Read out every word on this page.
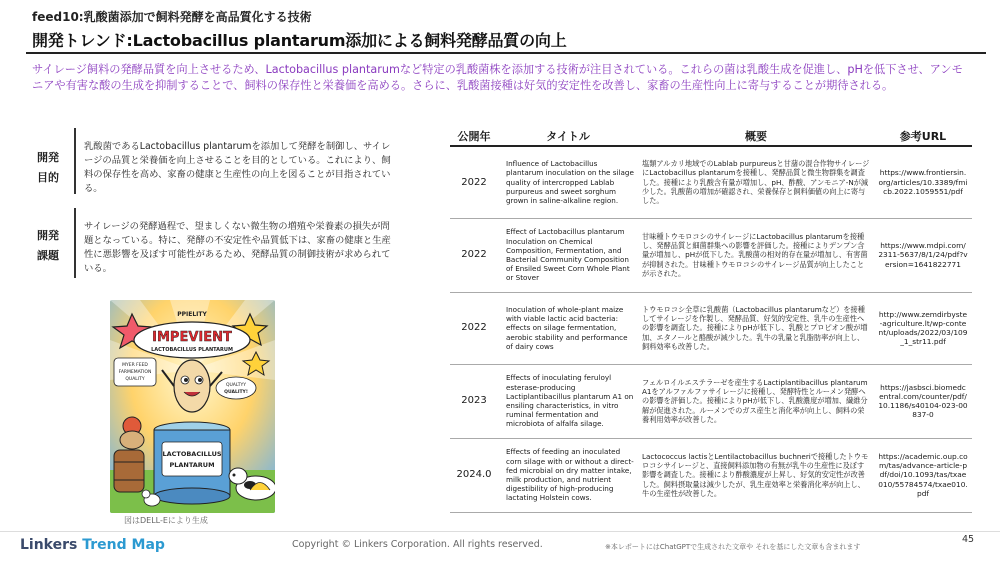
feed10:乳酸菌添加で飼料発酵を高品質化する技術
開発トレンド:Lactobacillus plantarum添加による飼料発酵品質の向上
サイレージ飼料の発酵品質を向上させるため、Lactobacillus plantarumなど特定の乳酸菌株を添加する技術が注目されている。これらの菌は乳酸生成を促進し、pHを低下させ、アンモニアや有害な酸の生成を抑制することで、飼料の保存性と栄養価を高める。さらに、乳酸菌接種は好気的安定性を改善し、家畜の生産性向上に寄与することが期待される。
開発
目的
乳酸菌であるLactobacillus plantarumを添加して発酵を制御し、サイレージの品質と栄養価を向上させることを目的としている。これにより、飼料の保存性を高め、家畜の健康と生産性の向上を図ることが目指されている。
開発
課題
サイレージの発酵過程で、望ましくない微生物の増殖や栄養素の損失が問題となっている。特に、発酵の不安定性や品質低下は、家畜の健康と生産性に悪影響を及ぼす可能性があるため、発酵品質の制御技術が求められている。
PPIELITY
IMPEVIENT
LACTOBACILLUS PLANTARUM
MYER FEED
FARMEMATION
QUALITY
QUALTYY
QUALITY!
LACTOBACILLUS
PLANTARUM
図はDELL-Eにより生成
公開年	タイトル	概要	参考URL
2022	Influence of Lactobacillus plantarum inoculation on the silage quality of intercropped Lablab purpureus and sweet sorghum grown in saline-alkaline region.	塩類アルカリ地域でのLablab purpureusと甘藷の混合作物サイレージにLactobacillus plantarumを接種し、発酵品質と微生物群集を調査した。接種により乳酸含有量が増加し、pH、酢酸、アンモニア-Nが減少した。乳酸菌の増加が確認され、栄養保存と飼料価値の向上に寄与した。	https://www.frontiersin.org/articles/10.3389/fmicb.2022.1059551/pdf
2022	Effect of Lactobacillus plantarum Inoculation on Chemical Composition, Fermentation, and Bacterial Community Composition of Ensiled Sweet Corn Whole Plant or Stover	甘味種トウモロコシのサイレージにLactobacillus plantarumを接種し、発酵品質と細菌群集への影響を評価した。接種によりデンプン含量が増加し、pHが低下した。乳酸菌の相対的存在量が増加し、有害菌が抑制された。甘味種トウモロコシのサイレージ品質が向上したことが示された。	https://www.mdpi.com/2311-5637/8/1/24/pdf?version=1641822771
2022	Inoculation of whole-plant maize with viable lactic acid bacteria: effects on silage fermentation, aerobic stability and performance of dairy cows	トウモロコシ全草に乳酸菌（Lactobacillus plantarumなど）を接種してサイレージを作製し、発酵品質、好気的安定性、乳牛の生産性への影響を調査した。接種によりpHが低下し、乳酸とプロピオン酸が増加、エタノールと酪酸が減少した。乳牛の乳量と乳脂肪率が向上し、飼料効率も改善した。	http://www.zemdirbyste-agriculture.lt/wp-content/uploads/2022/03/109_1_str11.pdf
2023	Effects of inoculating feruloyl esterase-producing Lactiplantibacillus plantarum A1 on ensiling characteristics, in vitro ruminal fermentation and microbiota of alfalfa silage.	フェルロイルエステラーゼを産生するLactiplantibacillus plantarum A1をアルファルファサイレージに接種し、発酵特性とルーメン発酵への影響を評価した。接種によりpHが低下し、乳酸濃度が増加、繊維分解が促進された。ルーメンでのガス産生と消化率が向上し、飼料の栄養利用効率が改善した。	https://jasbsci.biomedcentral.com/counter/pdf/10.1186/s40104-023-00837-0
2024.0	Effects of feeding an inoculated corn silage with or without a direct-fed microbial on dry matter intake, milk production, and nutrient digestibility of high-producing lactating Holstein cows.	Lactococcus lactisとLentilactobacillus buchneriで接種したトウモロコシサイレージと、直接飼料添加物の有無が乳牛の生産性に及ぼす影響を調査した。接種により酢酸濃度が上昇し、好気的安定性が改善した。飼料摂取量は減少したが、乳生産効率と栄養消化率が向上し、牛の生産性が改善した。	https://academic.oup.com/tas/advance-article-pdf/doi/10.1093/tas/txae010/55784574/txae010.pdf
Linkers Trend Map	Copyright © Linkers Corporation. All rights reserved.	※本レポートにはChatGPTで生成された文章や それを基にした文章も含まれます
45
